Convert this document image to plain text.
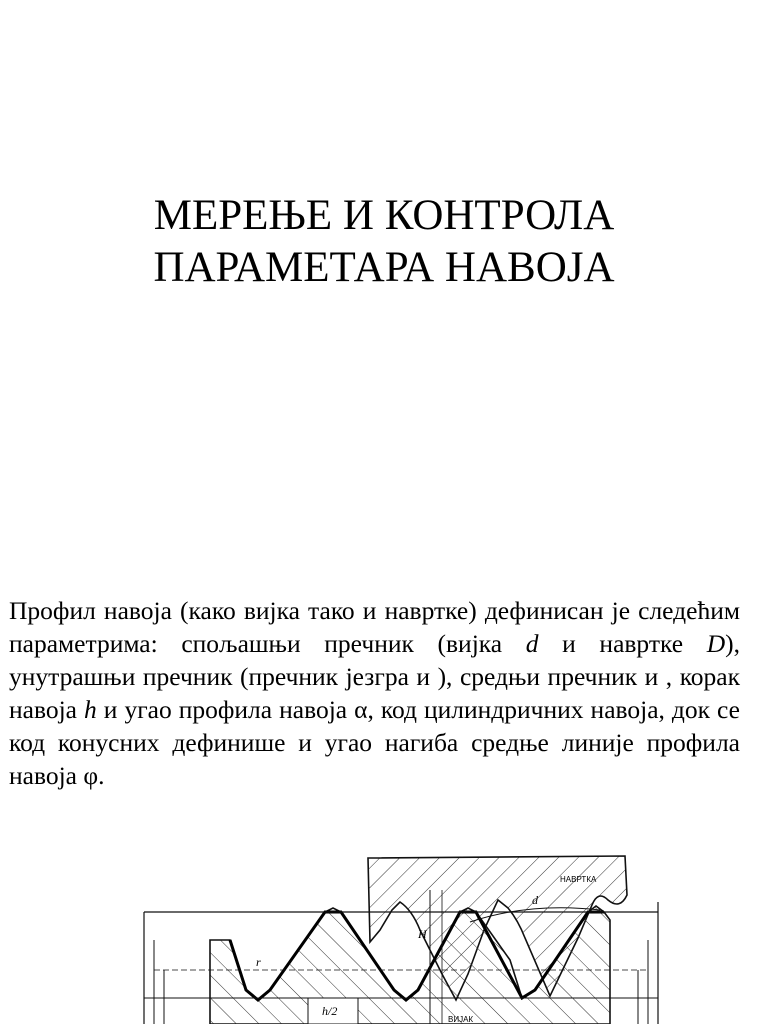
МЕРЕЊЕ И КОНТРОЛА
ПАРАМЕТАРА НАВОЈА

Профил навоја (како вијка тако и навртке) дефинисан је следећим параметрима: спољашњи пречник (вијка d и навртке D), унутрашњи пречник (пречник језгра и ), средњи пречник и , корак навоја h и угао профила навоја α, код цилиндричних навоја, док се код конусних дефинише и угао нагиба средње линије профила навоја φ.

НАВРТКА
d
H
r
h/2
ВИЈАК
